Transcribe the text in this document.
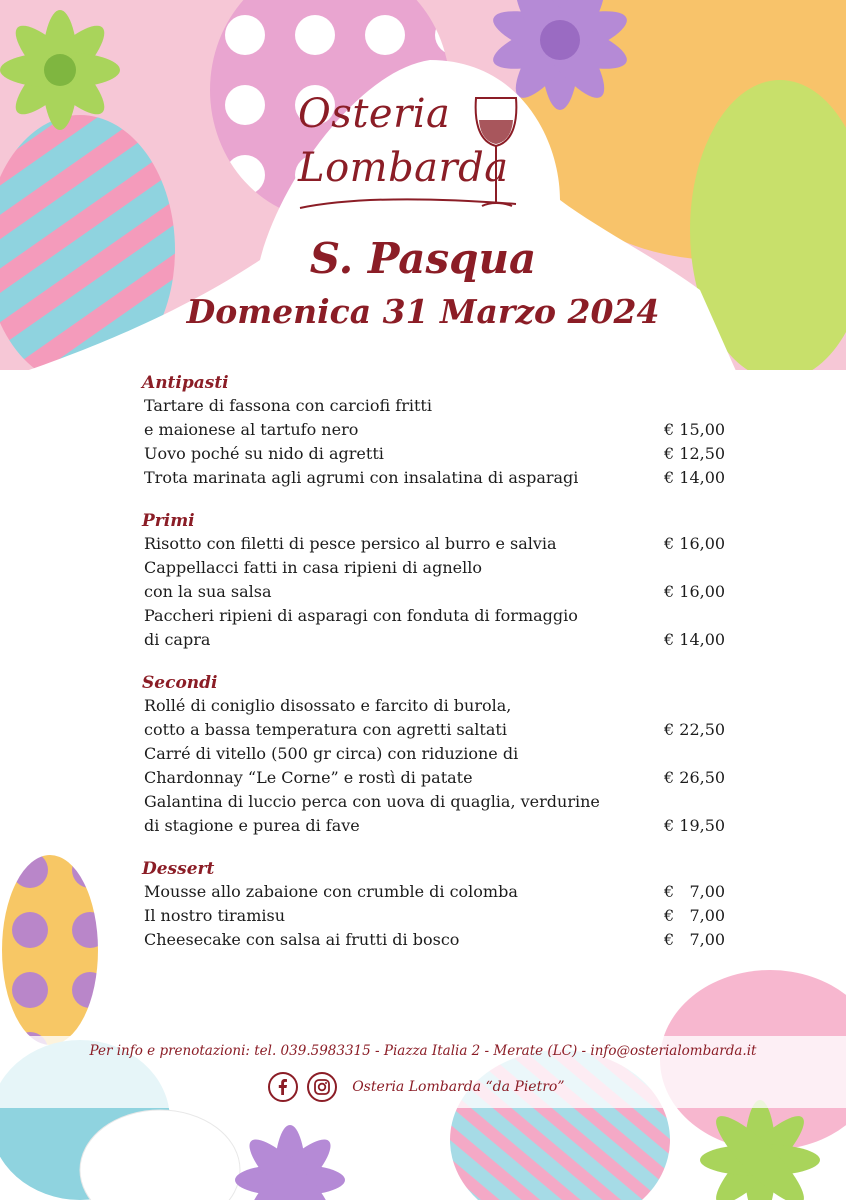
Osteria
Lombarda
S. Pasqua
Domenica 31 Marzo 2024
Antipasti
Tartare di fassona con carciofi fritti
e maionese al tartufo nero	€ 15,00
Uovo poché su nido di agretti	€ 12,50
Trota marinata agli agrumi con insalatina di asparagi	€ 14,00
Primi
Risotto con filetti di pesce persico al burro e salvia	€ 16,00
Cappellacci fatti in casa ripieni di agnello
con la sua salsa	€ 16,00
Paccheri ripieni di asparagi con fonduta di formaggio
di capra	€ 14,00
Secondi
Rollé di coniglio disossato e farcito di burola,
cotto a bassa temperatura con agretti saltati	€ 22,50
Carré di vitello (500 gr circa) con riduzione di
Chardonnay “Le Corne” e rostì di patate	€ 26,50
Galantina di luccio perca con uova di quaglia, verdurine
di stagione e purea di fave	€ 19,50
Dessert
Mousse allo zabaione con crumble di colomba	€   7,00
Il nostro tiramisu	€   7,00
Cheesecake con salsa ai frutti di bosco	€   7,00
Per info e prenotazioni: tel. 039.5983315 - Piazza Italia 2 - Merate (LC) - info@osterialombarda.it

Osteria Lombarda “da Pietro”
